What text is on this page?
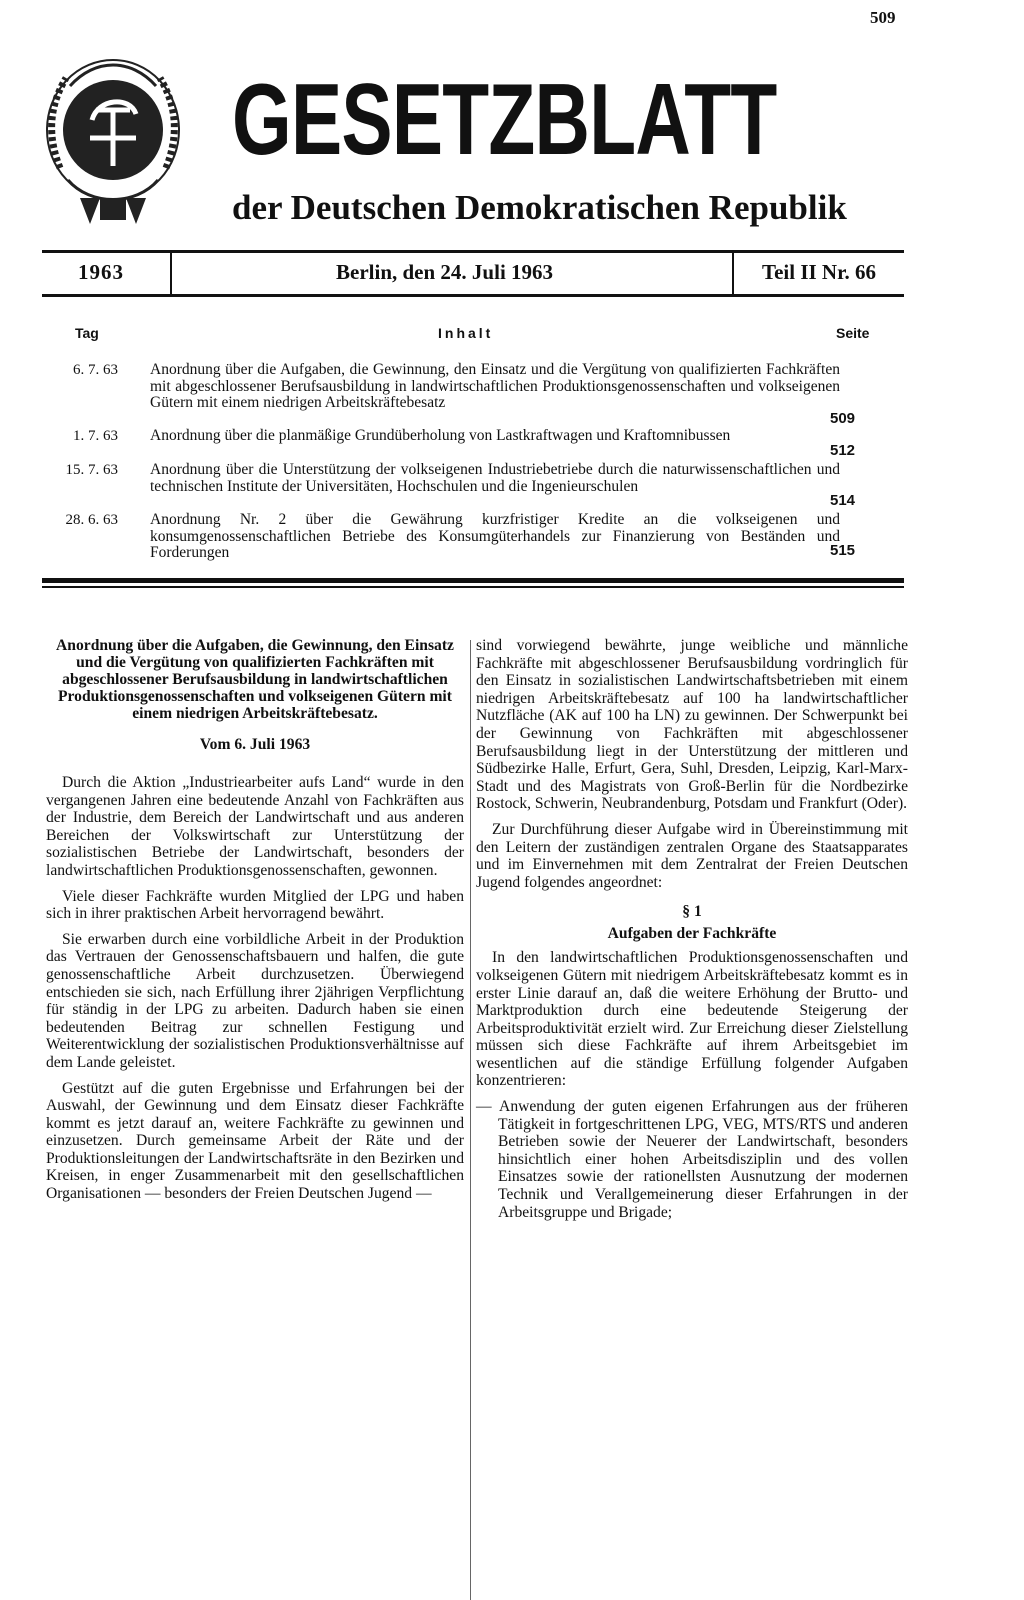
509
GESETZBLATT
der Deutschen Demokratischen Republik
1963	Berlin, den 24. Juli 1963	Teil II Nr. 66
Tag	Inhalt	Seite
6. 7. 63 Anordnung über die Aufgaben, die Gewinnung, den Einsatz und die Vergütung von qualifizierten Fachkräften mit abgeschlossener Berufsausbildung in landwirtschaftlichen Produktionsgenossenschaften und volkseigenen Gütern mit einem niedrigen Arbeitskräftebesatz
509
1. 7. 63 Anordnung über die planmäßige Grundüberholung von Lastkraftwagen und Kraftomnibussen
512
15. 7. 63 Anordnung über die Unterstützung der volkseigenen Industriebetriebe durch die naturwissenschaftlichen und technischen Institute der Universitäten, Hochschulen und die Ingenieurschulen
514
28. 6. 63 Anordnung Nr. 2 über die Gewährung kurzfristiger Kredite an die volkseigenen und konsumgenossenschaftlichen Betriebe des Konsumgüterhandels zur Finanzierung von Beständen und Forderungen	515

Anordnung über die Aufgaben, die Gewinnung, den Einsatz und die Vergütung von qualifizierten Fachkräften mit abgeschlossener Berufsausbildung in landwirtschaftlichen Produktionsgenossenschaften und volkseigenen Gütern mit einem niedrigen Arbeitskräftebesatz.

Vom 6. Juli 1963

Durch die Aktion „Industriearbeiter aufs Land“ wurde in den vergangenen Jahren eine bedeutende Anzahl von Fachkräften aus der Industrie, dem Bereich der Landwirtschaft und aus anderen Bereichen der Volkswirtschaft zur Unterstützung der sozialistischen Betriebe der Landwirtschaft, besonders der landwirtschaftlichen Produktionsgenossenschaften, gewonnen.

Viele dieser Fachkräfte wurden Mitglied der LPG und haben sich in ihrer praktischen Arbeit hervorragend bewährt.

Sie erwarben durch eine vorbildliche Arbeit in der Produktion das Vertrauen der Genossenschaftsbauern und halfen, die gute genossenschaftliche Arbeit durchzusetzen. Überwiegend entschieden sie sich, nach Erfüllung ihrer 2jährigen Verpflichtung für ständig in der LPG zu arbeiten. Dadurch haben sie einen bedeutenden Beitrag zur schnellen Festigung und Weiterentwicklung der sozialistischen Produktionsverhältnisse auf dem Lande geleistet.

Gestützt auf die guten Ergebnisse und Erfahrungen bei der Auswahl, der Gewinnung und dem Einsatz dieser Fachkräfte kommt es jetzt darauf an, weitere Fachkräfte zu gewinnen und einzusetzen. Durch gemeinsame Arbeit der Räte und der Produktionsleitungen der Landwirtschaftsräte in den Bezirken und Kreisen, in enger Zusammenarbeit mit den gesellschaftlichen Organisationen — besonders der Freien Deutschen Jugend —

sind vorwiegend bewährte, junge weibliche und männliche Fachkräfte mit abgeschlossener Berufsausbildung vordringlich für den Einsatz in sozialistischen Landwirtschaftsbetrieben mit einem niedrigen Arbeitskräftebesatz auf 100 ha landwirtschaftlicher Nutzfläche (AK auf 100 ha LN) zu gewinnen. Der Schwerpunkt bei der Gewinnung von Fachkräften mit abgeschlossener Berufsausbildung liegt in der Unterstützung der mittleren und Südbezirke Halle, Erfurt, Gera, Suhl, Dresden, Leipzig, Karl-Marx-Stadt und des Magistrats von Groß-Berlin für die Nordbezirke Rostock, Schwerin, Neubrandenburg, Potsdam und Frankfurt (Oder).

Zur Durchführung dieser Aufgabe wird in Übereinstimmung mit den Leitern der zuständigen zentralen Organe des Staatsapparates und im Einvernehmen mit dem Zentralrat der Freien Deutschen Jugend folgendes angeordnet:

§ 1

Aufgaben der Fachkräfte

In den landwirtschaftlichen Produktionsgenossenschaften und volkseigenen Gütern mit niedrigem Arbeitskräftebesatz kommt es in erster Linie darauf an, daß die weitere Erhöhung der Brutto- und Marktproduktion durch eine bedeutende Steigerung der Arbeitsproduktivität erzielt wird. Zur Erreichung dieser Zielstellung müssen sich diese Fachkräfte auf ihrem Arbeitsgebiet im wesentlichen auf die ständige Erfüllung folgender Aufgaben konzentrieren:

— Anwendung der guten eigenen Erfahrungen aus der früheren Tätigkeit in fortgeschrittenen LPG, VEG, MTS/RTS und anderen Betrieben sowie der Neuerer der Landwirtschaft, besonders hinsichtlich einer hohen Arbeitsdisziplin und des vollen Einsatzes sowie der rationellsten Ausnutzung der modernen Technik und Verallgemeinerung dieser Erfahrungen in der Arbeitsgruppe und Brigade;
